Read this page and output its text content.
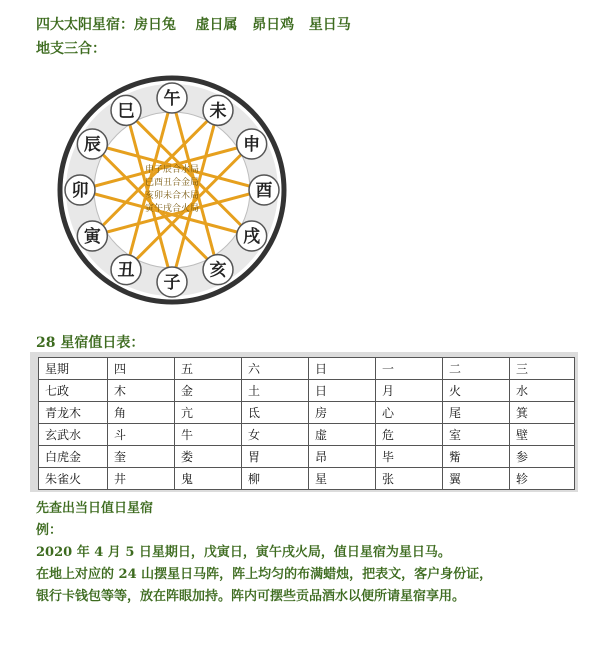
四大太阳星宿：房日兔    虚日属   昴日鸡   星日马
地支三合：
午
未
申
酉
戌
亥
子
丑
寅
卯
辰
巳
申子辰合水局
巳酉丑合金局
亥卯未合木局
寅午戌合火局
28 星宿值日表：
星期	四	五	六	日	一	二	三
七政	木	金	土	日	月	火	水
青龙木	角	亢	氐	房	心	尾	箕
玄武水	斗	牛	女	虚	危	室	壁
白虎金	奎	娄	胃	昂	毕	觜	参
朱雀火	井	鬼	柳	星	张	翼	轸
先查出当日值日星宿
例：
2020 年 4 月 5 日星期日，戊寅日，寅午戌火局，值日星宿为星日马。
在地上对应的 24 山摆星日马阵，阵上均匀的布满蜡烛，把表文，客户身份证，
银行卡钱包等等，放在阵眼加持。阵内可摆些贡品酒水以便所请星宿享用。
